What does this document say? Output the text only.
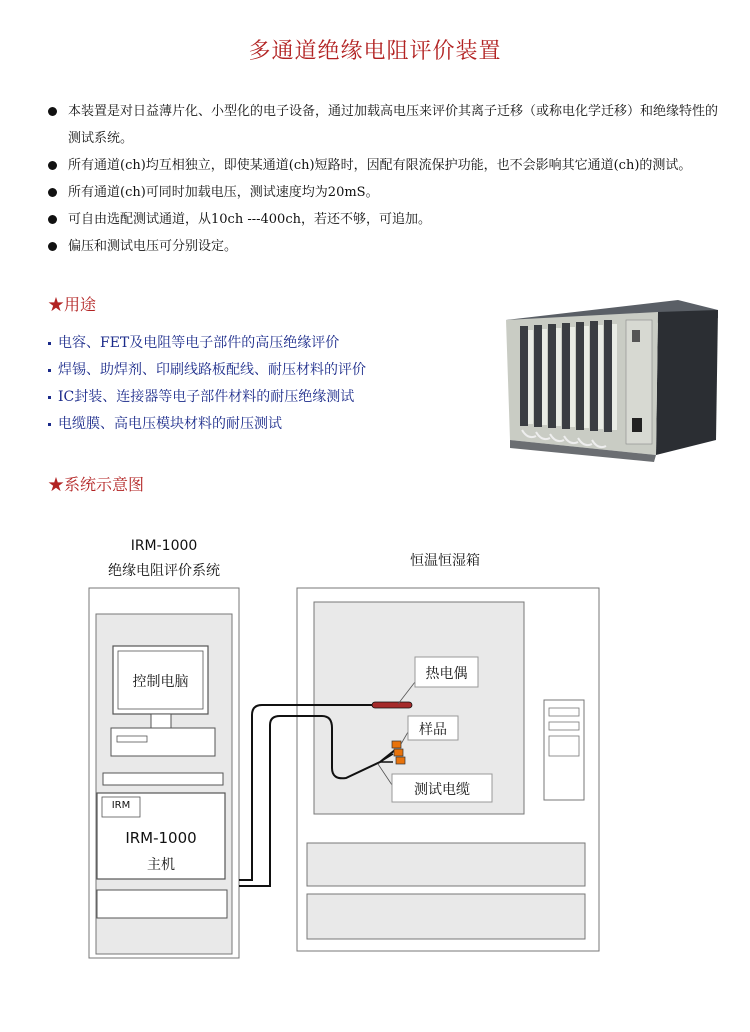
多通道绝缘电阻评价装置
本装置是对日益薄片化、小型化的电子设备，通过加载高电压来评价其离子迁移（或称电化学迁移）和绝缘特性的测试系统。
所有通道(ch)均互相独立，即使某通道(ch)短路时，因配有限流保护功能，也不会影响其它通道(ch)的测试。
所有通道(ch)可同时加载电压，测试速度均为20mS。
可自由选配测试通道，从10ch ---400ch，若还不够，可追加。
偏压和测试电压可分别设定。
★用途
电容、FET及电阻等电子部件的高压绝缘评价
焊锡、助焊剂、印刷线路板配线、耐压材料的评价
IC封装、连接器等电子部件材料的耐压绝缘测试
电缆膜、高电压模块材料的耐压测试
★系统示意图
IRM-1000
绝缘电阻评价系统
恒温恒湿箱
控制电脑
IRM
IRM-1000
主机
热电偶
样品
测试电缆
